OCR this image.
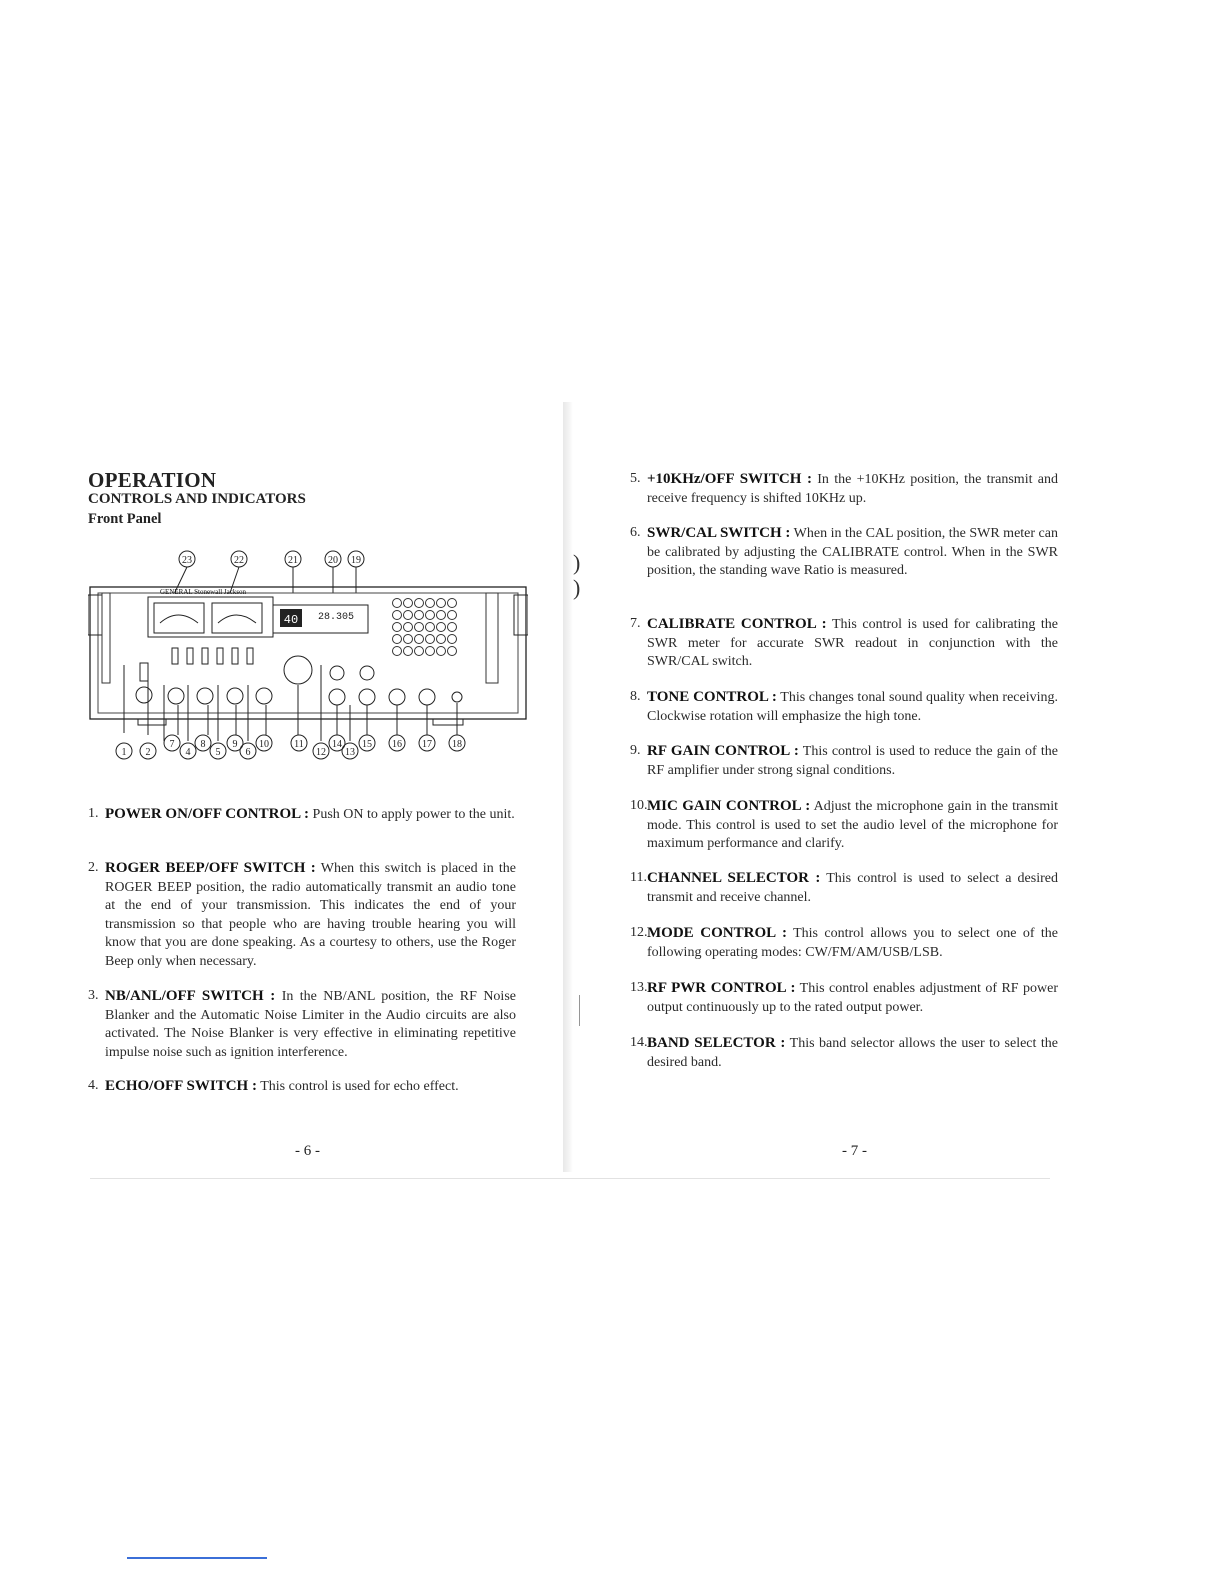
)
)
|
OPERATION
CONTROLS AND INDICATORS
Front Panel
23	22	21	20 19
GENERAL Stonewall Jackson
40 28.305
7	8	9 10	11	14 15 16 17 18
1 2	4	5	6	12 13
1. POWER ON/OFF CONTROL : Push ON to apply power to the unit.

2. ROGER BEEP/OFF SWITCH : When this switch is placed in the ROGER BEEP position, the radio automatically transmit an audio tone at the end of your transmission. This indicates the end of your transmission so that people who are having trouble hearing you will know that you are done speaking. As a courtesy to others, use the Roger Beep only when necessary.

3. NB/ANL/OFF SWITCH : In the NB/ANL position, the RF Noise Blanker and the Automatic Noise Limiter in the Audio circuits are also activated. The Noise Blanker is very effective in eliminating repetitive impulse noise such as ignition interference.

4. ECHO/OFF SWITCH : This control is used for echo effect.

- 6 -
5. +10KHz/OFF SWITCH : In the +10KHz position, the transmit and receive frequency is shifted 10KHz up.

6. SWR/CAL SWITCH : When in the CAL position, the SWR meter can be calibrated by adjusting the CALIBRATE control. When in the SWR position, the standing wave Ratio is measured.

7. CALIBRATE CONTROL : This control is used for calibrating the SWR meter for accurate SWR readout in conjunction with the SWR/CAL switch.

8. TONE CONTROL : This changes tonal sound quality when receiving. Clockwise rotation will emphasize the high tone.

9. RF GAIN CONTROL : This control is used to reduce the gain of the RF amplifier under strong signal conditions.

10. MIC GAIN CONTROL : Adjust the microphone gain in the transmit mode. This control is used to set the audio level of the microphone for maximum performance and clarify.

11. CHANNEL SELECTOR : This control is used to select a desired transmit and receive channel.

12. MODE CONTROL : This control allows you to select one of the following operating modes: CW/FM/AM/USB/LSB.

13. RF PWR CONTROL : This control enables adjustment of RF power output continuously up to the rated output power.

14. BAND SELECTOR : This band selector allows the user to select the desired band.

- 7 -
